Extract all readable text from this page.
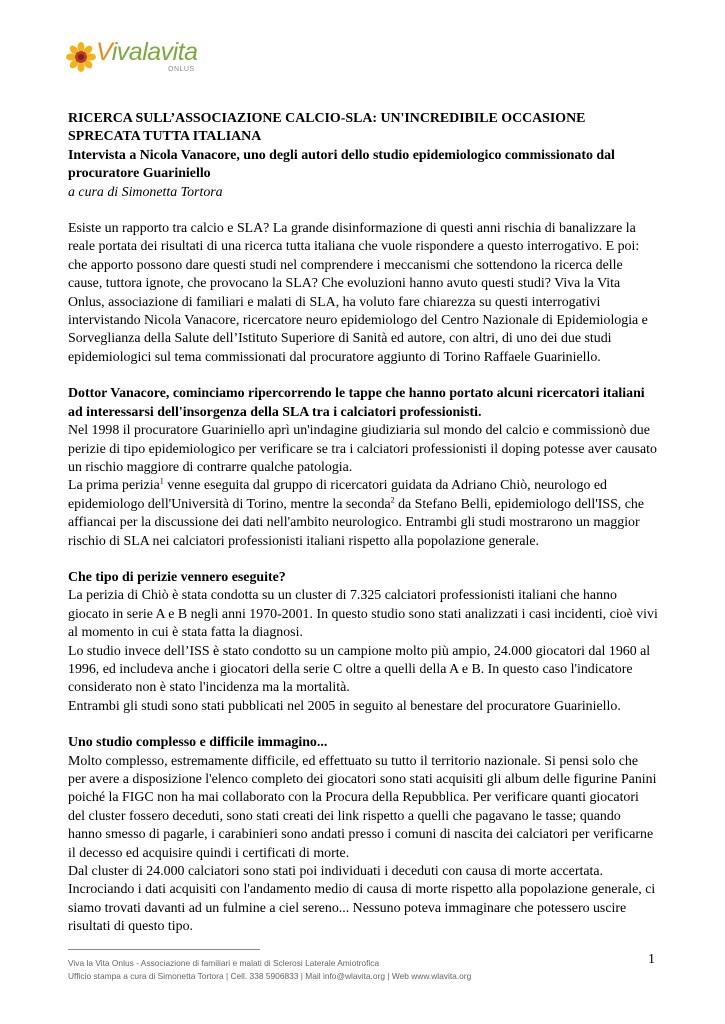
Vivalavita
ONLUS

RICERCA SULL’ASSOCIAZIONE CALCIO-SLA: UN'INCREDIBILE OCCASIONE SPRECATA TUTTA ITALIANA

Intervista a Nicola Vanacore, uno degli autori dello studio epidemiologico commissionato dal procuratore Guariniello

a cura di Simonetta Tortora

Esiste un rapporto tra calcio e SLA? La grande disinformazione di questi anni rischia di banalizzare la reale portata dei risultati di una ricerca tutta italiana che vuole rispondere a questo interrogativo. E poi: che apporto possono dare questi studi nel comprendere i meccanismi che sottendono la ricerca delle cause, tuttora ignote, che provocano la SLA? Che evoluzioni hanno avuto questi studi? Viva la Vita Onlus, associazione di familiari e malati di SLA, ha voluto fare chiarezza su questi interrogativi intervistando Nicola Vanacore, ricercatore neuro epidemiologo del Centro Nazionale di Epidemiologia e Sorveglianza della Salute dell’Istituto Superiore di Sanità ed autore, con altri, di uno dei due studi epidemiologici sul tema commissionati dal procuratore aggiunto di Torino Raffaele Guariniello.

Dottor Vanacore, cominciamo ripercorrendo le tappe che hanno portato alcuni ricercatori italiani ad interessarsi dell'insorgenza della SLA tra i calciatori professionisti.

Nel 1998 il procuratore Guariniello aprì un'indagine giudiziaria sul mondo del calcio e commissionò due perizie di tipo epidemiologico per verificare se tra i calciatori professionisti il doping potesse aver causato un rischio maggiore di contrarre qualche patologia.

La prima perizia$^1$ venne eseguita dal gruppo di ricercatori guidata da Adriano Chiò, neurologo ed epidemiologo dell'Università di Torino, mentre la seconda$^2$ da Stefano Belli, epidemiologo dell'ISS, che affiancai per la discussione dei dati nell'ambito neurologico. Entrambi gli studi mostrarono un maggior rischio di SLA nei calciatori professionisti italiani rispetto alla popolazione generale.

Che tipo di perizie vennero eseguite?

La perizia di Chiò è stata condotta su un cluster di 7.325 calciatori professionisti italiani che hanno giocato in serie A e B negli anni 1970-2001. In questo studio sono stati analizzati i casi incidenti, cioè vivi al momento in cui è stata fatta la diagnosi.

Lo studio invece dell’ISS è stato condotto su un campione molto più ampio, 24.000 giocatori dal 1960 al 1996, ed includeva anche i giocatori della serie C oltre a quelli della A e B. In questo caso l'indicatore considerato non è stato l'incidenza ma la mortalità.

Entrambi gli studi sono stati pubblicati nel 2005 in seguito al benestare del procuratore Guariniello.

Uno studio complesso e difficile immagino...

Molto complesso, estremamente difficile, ed effettuato su tutto il territorio nazionale. Si pensi solo che per avere a disposizione l'elenco completo dei giocatori sono stati acquisiti gli album delle figurine Panini poiché la FIGC non ha mai collaborato con la Procura della Repubblica. Per verificare quanti giocatori del cluster fossero deceduti, sono stati creati dei link rispetto a quelli che pagavano le tasse; quando hanno smesso di pagarle, i carabinieri sono andati presso i comuni di nascita dei calciatori per verificarne il decesso ed acquisire quindi i certificati di morte.

Dal cluster di 24.000 calciatori sono stati poi individuati i deceduti con causa di morte accertata. Incrociando i dati acquisiti con l'andamento medio di causa di morte rispetto alla popolazione generale, ci siamo trovati davanti ad un fulmine a ciel sereno... Nessuno poteva immaginare che potessero uscire risultati di questo tipo.

Viva la Vita Onlus - Associazione di familiari e malati di Sclerosi Laterale Amiotrofica
Ufficio stampa a cura di Simonetta Tortora | Cell. 338 5906833 | Mail info@wlavita.org | Web www.wlavita.org
1
